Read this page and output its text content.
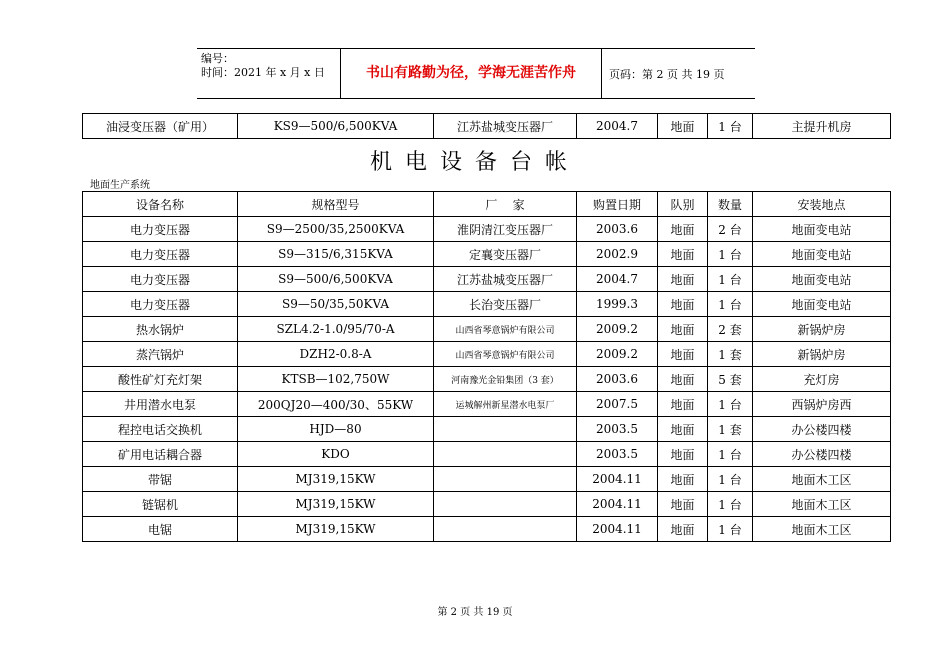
编号：
时间：2021 年 x 月 x 日	书山有路勤为径，学海无涯苦作舟	页码：第 2 页 共 19 页
油浸变压器（矿用）	KS9—500/6,500KVA	江苏盐城变压器厂	2004.7	地面	1 台	主提升机房
机电设备台帐
地面生产系统
设备名称	规格型号	厂    家	购置日期	队别	数量	安装地点
电力变压器	S9—2500/35,2500KVA	淮阴清江变压器厂	2003.6	地面	2 台	地面变电站
电力变压器	S9—315/6,315KVA	定襄变压器厂	2002.9	地面	1 台	地面变电站
电力变压器	S9—500/6,500KVA	江苏盐城变压器厂	2004.7	地面	1 台	地面变电站
电力变压器	S9—50/35,50KVA	长治变压器厂	1999.3	地面	1 台	地面变电站
热水锅炉	SZL4.2-1.0/95/70-A	山西省琴意锅炉有限公司	2009.2	地面	2 套	新锅炉房
蒸汽锅炉	DZH2-0.8-A	山西省琴意锅炉有限公司	2009.2	地面	1 套	新锅炉房
酸性矿灯充灯架	KTSB—102,750W	河南豫光金铅集团（3 套）	2003.6	地面	5 套	充灯房
井用潜水电泵	200QJ20—400/30、55KW	运城解州新星潜水电泵厂	2007.5	地面	1 台	西锅炉房西
程控电话交换机	HJD—80		2003.5	地面	1 套	办公楼四楼
矿用电话耦合器	KDO		2003.5	地面	1 台	办公楼四楼
带锯	MJ319,15KW		2004.11	地面	1 台	地面木工区
链锯机	MJ319,15KW		2004.11	地面	1 台	地面木工区
电锯	MJ319,15KW		2004.11	地面	1 台	地面木工区
第 2 页 共 19 页
